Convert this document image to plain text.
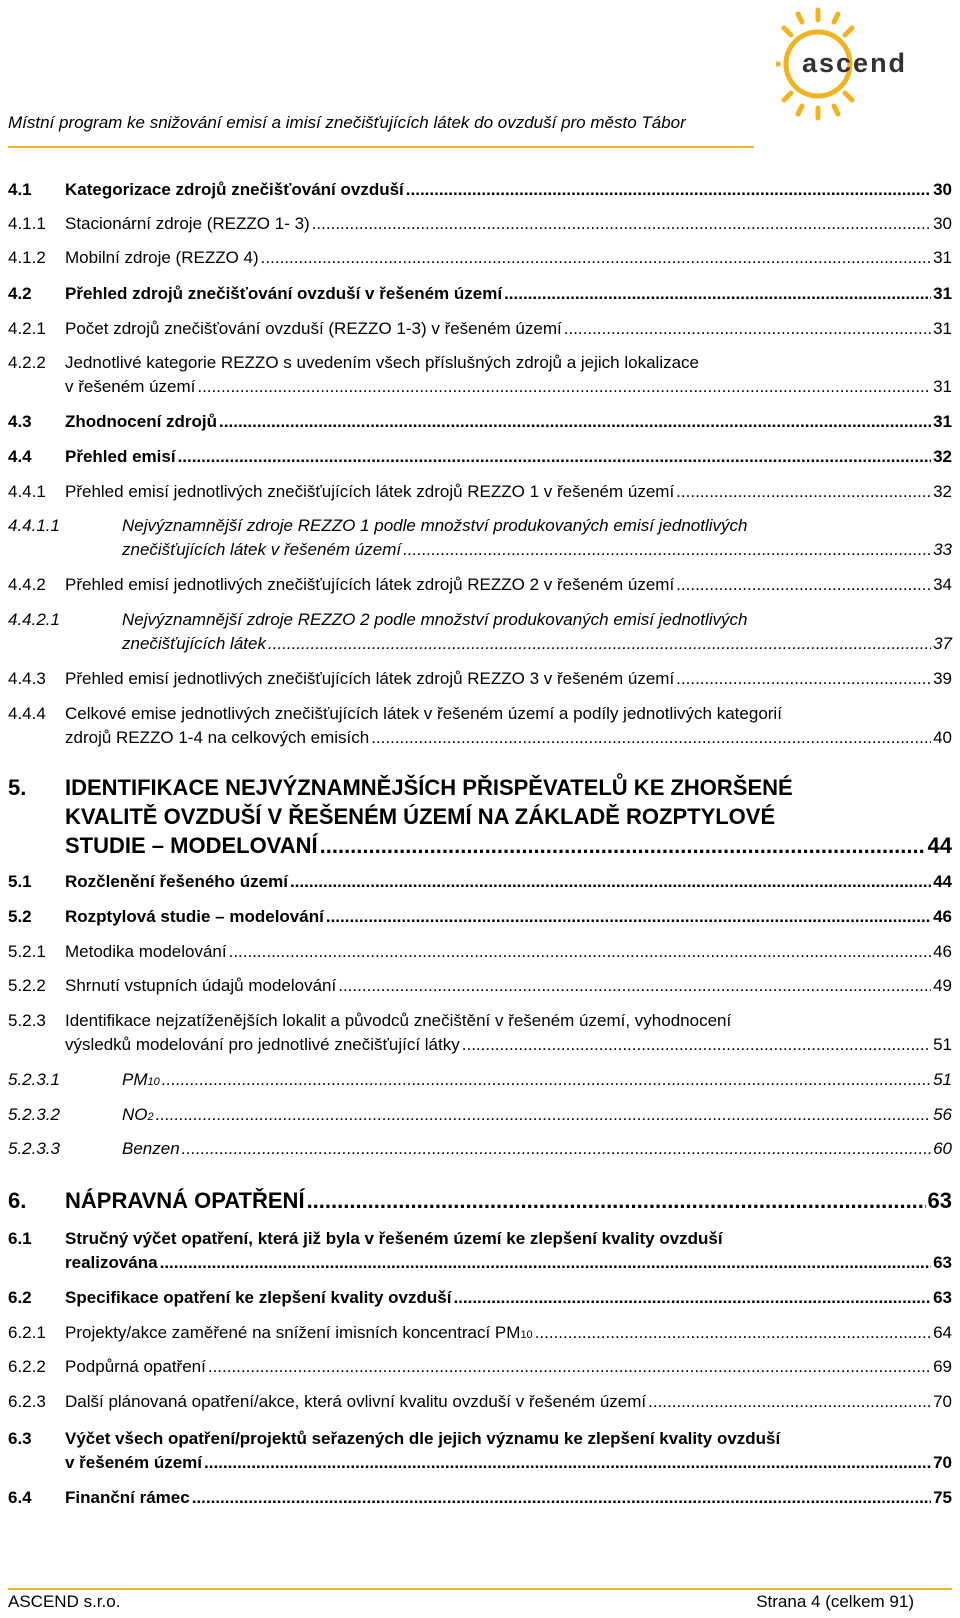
ascend
Místní program ke snižování emisí a imisí znečišťujících látek do ovzduší pro město Tábor
4.1 Kategorizace zdrojů znečišťování ovzduší .....	30
4.1.1 Stacionární zdroje (REZZO 1- 3) .....	30
4.1.2 Mobilní zdroje (REZZO 4) .....	31
4.2 Přehled zdrojů znečišťování ovzduší v řešeném území .....	31
4.2.1 Počet zdrojů znečišťování ovzduší (REZZO 1-3) v řešeném území .....	31
4.2.2 Jednotlivé kategorie REZZO s uvedením všech příslušných zdrojů a jejich lokalizace
v řešeném území .....	31
4.3 Zhodnocení zdrojů .....	31
4.4 Přehled emisí .....	32
4.4.1 Přehled emisí jednotlivých znečišťujících látek zdrojů REZZO 1 v řešeném území .....	32
4.4.1.1	Nejvýznamnější zdroje REZZO 1 podle množství produkovaných emisí jednotlivých
znečišťujících látek v řešeném území .....	33
4.4.2 Přehled emisí jednotlivých znečišťujících látek zdrojů REZZO 2 v řešeném území .....	34
4.4.2.1	Nejvýznamnější zdroje REZZO 2 podle množství produkovaných emisí jednotlivých
znečišťujících látek .....	37
4.4.3 Přehled emisí jednotlivých znečišťujících látek zdrojů REZZO 3 v řešeném území .....	39
4.4.4 Celkové emise jednotlivých znečišťujících látek v řešeném území a podíly jednotlivých kategorií
zdrojů REZZO 1-4 na celkových emisích .....	40
5. IDENTIFIKACE NEJVÝZNAMNĚJŠÍCH PŘISPĚVATELŮ KE ZHORŠENÉ
KVALITĚ OVZDUŠÍ V ŘEŠENÉM ÚZEMÍ NA ZÁKLADĚ ROZPTYLOVÉ
STUDIE – MODELOVANÍ .....	44
5.1 Rozčlenění řešeného území .....	44
5.2 Rozptylová studie – modelování .....	46
5.2.1 Metodika modelování .....	46
5.2.2 Shrnutí vstupních údajů modelování .....	49
5.2.3 Identifikace nejzatíženějších lokalit a původců znečištění v řešeném území, vyhodnocení
výsledků modelování pro jednotlivé znečišťující látky .....	51
5.2.3.1	PM 10 .....	51
5.2.3.2	NO 2 .....	56
5.2.3.3	Benzen .....	60
6. NÁPRAVNÁ OPATŘENÍ .....	63
6.1 Stručný výčet opatření, která již byla v řešeném území ke zlepšení kvality ovzduší
realizována .....	63
6.2 Specifikace opatření ke zlepšení kvality ovzduší .....	63
6.2.1 Projekty/akce zaměřené na snížení imisních koncentrací PM 10 .....	64
6.2.2 Podpůrná opatření .....	69
6.2.3 Další plánovaná opatření/akce, která ovlivní kvalitu ovzduší v řešeném území .....	70
6.3 Výčet všech opatření/projektů seřazených dle jejich významu ke zlepšení kvality ovzduší
v řešeném území .....	70
6.4 Finanční rámec .....	75
ASCEND s.r.o.	Strana 4 (celkem 91)
